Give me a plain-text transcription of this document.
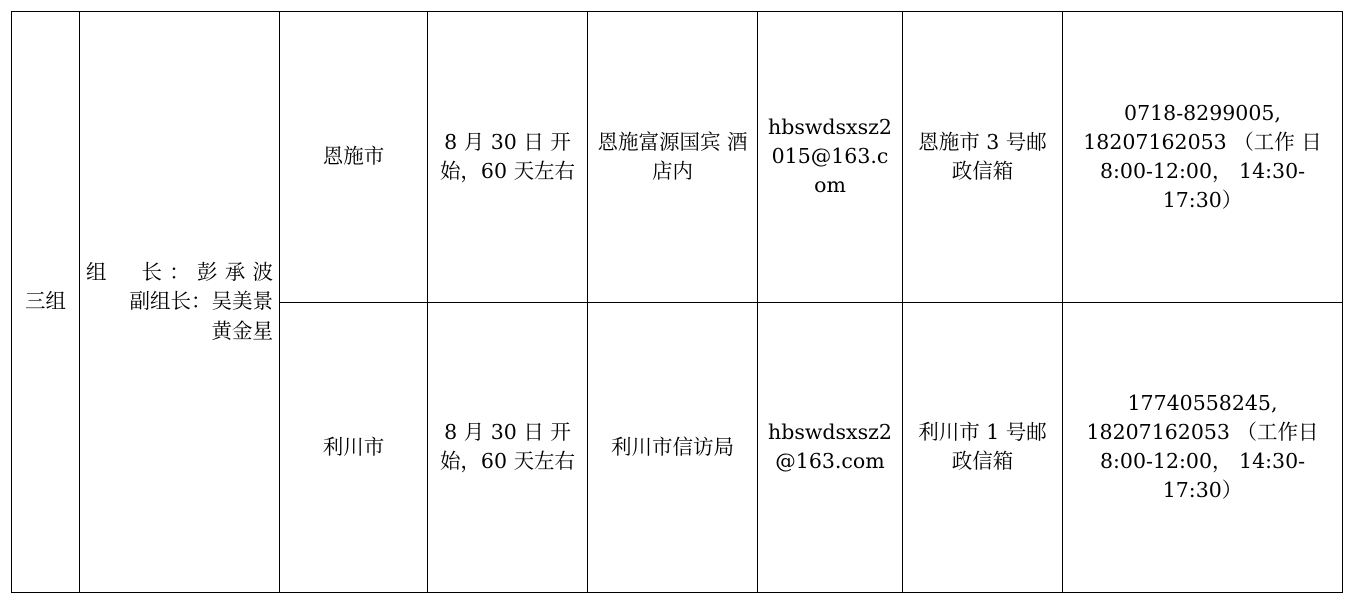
三组	组　长：彭承波
副组长：吴美景
黄金星	恩施市	8 月 30 日 开始，60 天左右	恩施富源国宾 酒店内	hbswdsxsz2 015@163.c om	恩施市 3 号邮 政信箱	0718-8299005, 18207162053 （工作 日 8:00-12:00， 14:30-17:30）
		利川市	8 月 30 日 开始，60 天左右	利川市信访局	hbswdsxsz2 @163.com	利川市 1 号邮 政信箱	17740558245, 18207162053 （工作日 8:00-12:00， 14:30-17:30）
